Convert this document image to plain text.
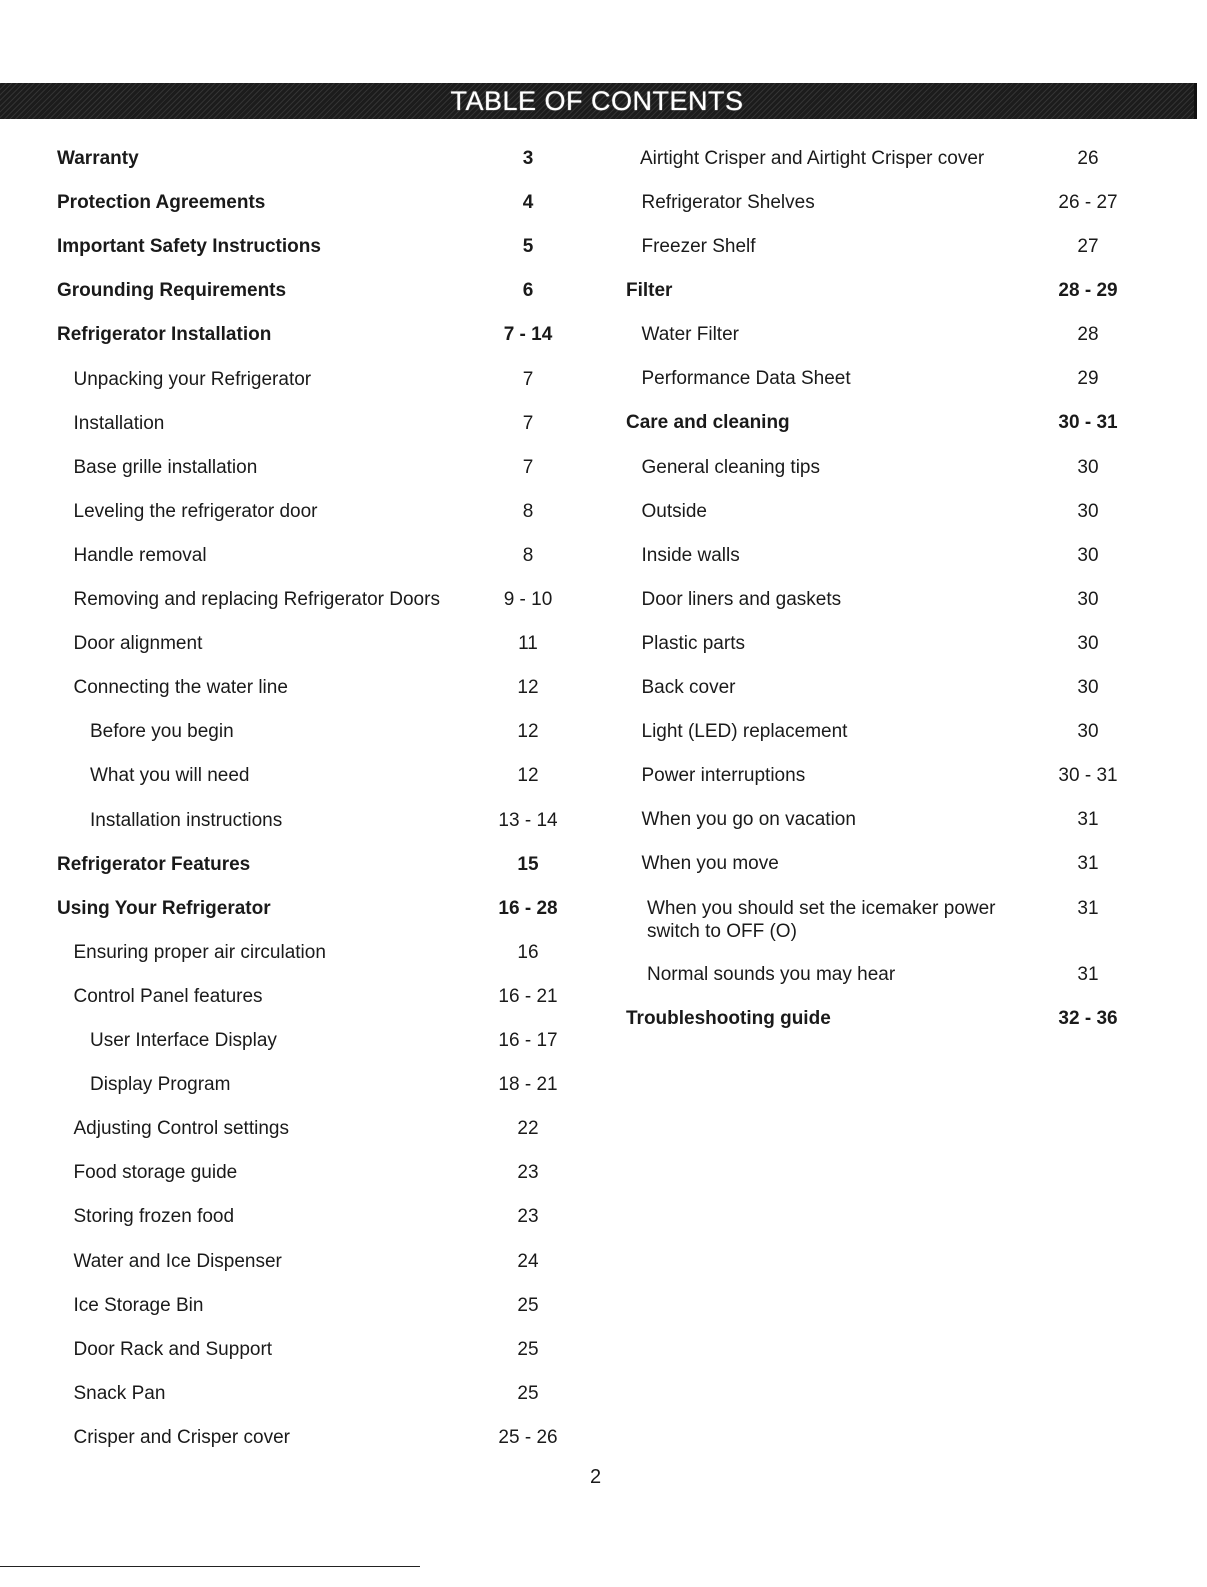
TABLE OF CONTENTS
Warranty	3
Protection Agreements	4
Important Safety Instructions	5
Grounding Requirements	6
Refrigerator Installation	7 - 14
Unpacking your Refrigerator	7
Installation	7
Base grille installation	7
Leveling the refrigerator door	8
Handle removal	8
Removing and replacing Refrigerator Doors	9 - 10
Door alignment	11
Connecting the water line	12
Before you begin	12
What you will need	12
Installation instructions	13 - 14
Refrigerator Features	15
Using Your Refrigerator	16 - 28
Ensuring proper air circulation	16
Control Panel features	16 - 21
User Interface Display	16 - 17
Display Program	18 - 21
Adjusting Control settings	22
Food storage guide	23
Storing frozen food	23
Water and Ice Dispenser	24
Ice Storage Bin	25
Door Rack and Support	25
Snack Pan	25
Crisper and Crisper cover	25 - 26
Airtight Crisper and Airtight Crisper cover	26
Refrigerator Shelves	26 - 27
Freezer Shelf	27
Filter	28 - 29
Water Filter	28
Performance Data Sheet	29
Care and cleaning	30 - 31
General cleaning tips	30
Outside	30
Inside walls	30
Door liners and gaskets	30
Plastic parts	30
Back cover	30
Light (LED) replacement	30
Power interruptions	30 - 31
When you go on vacation	31
When you move	31
When you should set the icemaker power switch to OFF (O)
31
Normal sounds you may hear	31
Troubleshooting guide	32 - 36
2
